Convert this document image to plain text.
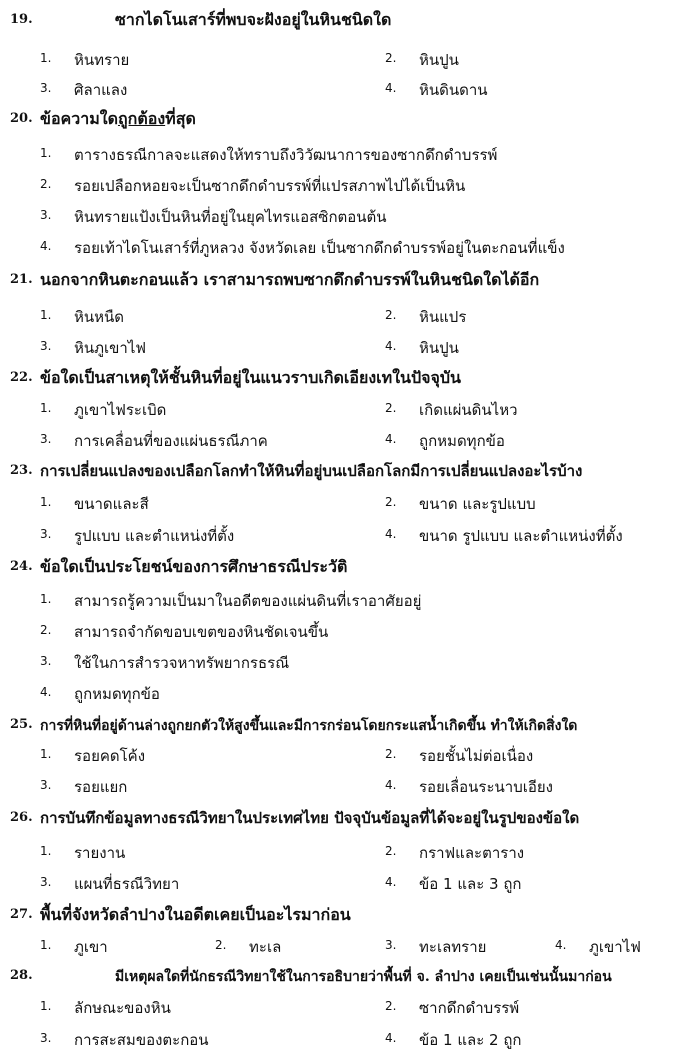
19.	ซากไดโนเสาร์ที่พบจะฝังอยู่ในหินชนิดใด
1. หินทราย	2. หินปูน
3. ศิลาแลง	4. หินดินดาน
20. ข้อความใดถูกต้องที่สุด
1. ตารางธรณีกาลจะแสดงให้ทราบถึงวิวัฒนาการของซากดึกดำบรรพ์
2. รอยเปลือกหอยจะเป็นซากดึกดำบรรพ์ที่แปรสภาพไปได้เป็นหิน
3. หินทรายแป้งเป็นหินที่อยู่ในยุคไทรแอสซิกตอนต้น
4. รอยเท้าไดโนเสาร์ที่ภูหลวง จังหวัดเลย เป็นซากดึกดำบรรพ์อยู่ในตะกอนที่แข็ง
21. นอกจากหินตะกอนแล้ว เราสามารถพบซากดึกดำบรรพ์ในหินชนิดใดได้อีก
1. หินหนืด	2. หินแปร
3. หินภูเขาไฟ	4. หินปูน
22. ข้อใดเป็นสาเหตุให้ชั้นหินที่อยู่ในแนวราบเกิดเอียงเทในปัจจุบัน
1. ภูเขาไฟระเบิด	2. เกิดแผ่นดินไหว
3. การเคลื่อนที่ของแผ่นธรณีภาค	4. ถูกหมดทุกข้อ
23. การเปลี่ยนแปลงของเปลือกโลกทำให้หินที่อยู่บนเปลือกโลกมีการเปลี่ยนแปลงอะไรบ้าง
1. ขนาดและสี	2. ขนาด และรูปแบบ
3. รูปแบบ และตำแหน่งที่ตั้ง	4. ขนาด รูปแบบ และตำแหน่งที่ตั้ง
24. ข้อใดเป็นประโยชน์ของการศึกษาธรณีประวัติ
1. สามารถรู้ความเป็นมาในอดีตของแผ่นดินที่เราอาศัยอยู่
2. สามารถจำกัดขอบเขตของหินชัดเจนขึ้น
3. ใช้ในการสำรวจหาทรัพยากรธรณี
4. ถูกหมดทุกข้อ
25. การที่หินที่อยู่ด้านล่างถูกยกตัวให้สูงขึ้นและมีการกร่อนโดยกระแสน้ำเกิดขึ้น ทำให้เกิดสิ่งใด
1. รอยคดโค้ง	2. รอยชั้นไม่ต่อเนื่อง
3. รอยแยก	4. รอยเลื่อนระนาบเอียง
26. การบันทึกข้อมูลทางธรณีวิทยาในประเทศไทย ปัจจุบันข้อมูลที่ได้จะอยู่ในรูปของข้อใด
1. รายงาน	2. กราฟและตาราง
3. แผนที่ธรณีวิทยา	4. ข้อ 1 และ 3 ถูก
27. พื้นที่จังหวัดลำปางในอดีตเคยเป็นอะไรมาก่อน
1. ภูเขา	2. ทะเล	3. ทะเลทราย	4. ภูเขาไฟ
28.	มีเหตุผลใดที่นักธรณีวิทยาใช้ในการอธิบายว่าพื้นที่ จ. ลำปาง เคยเป็นเช่นนั้นมาก่อน
1. ลักษณะของหิน	2. ซากดึกดำบรรพ์
3. การสะสมของตะกอน	4. ข้อ 1 และ 2 ถูก
